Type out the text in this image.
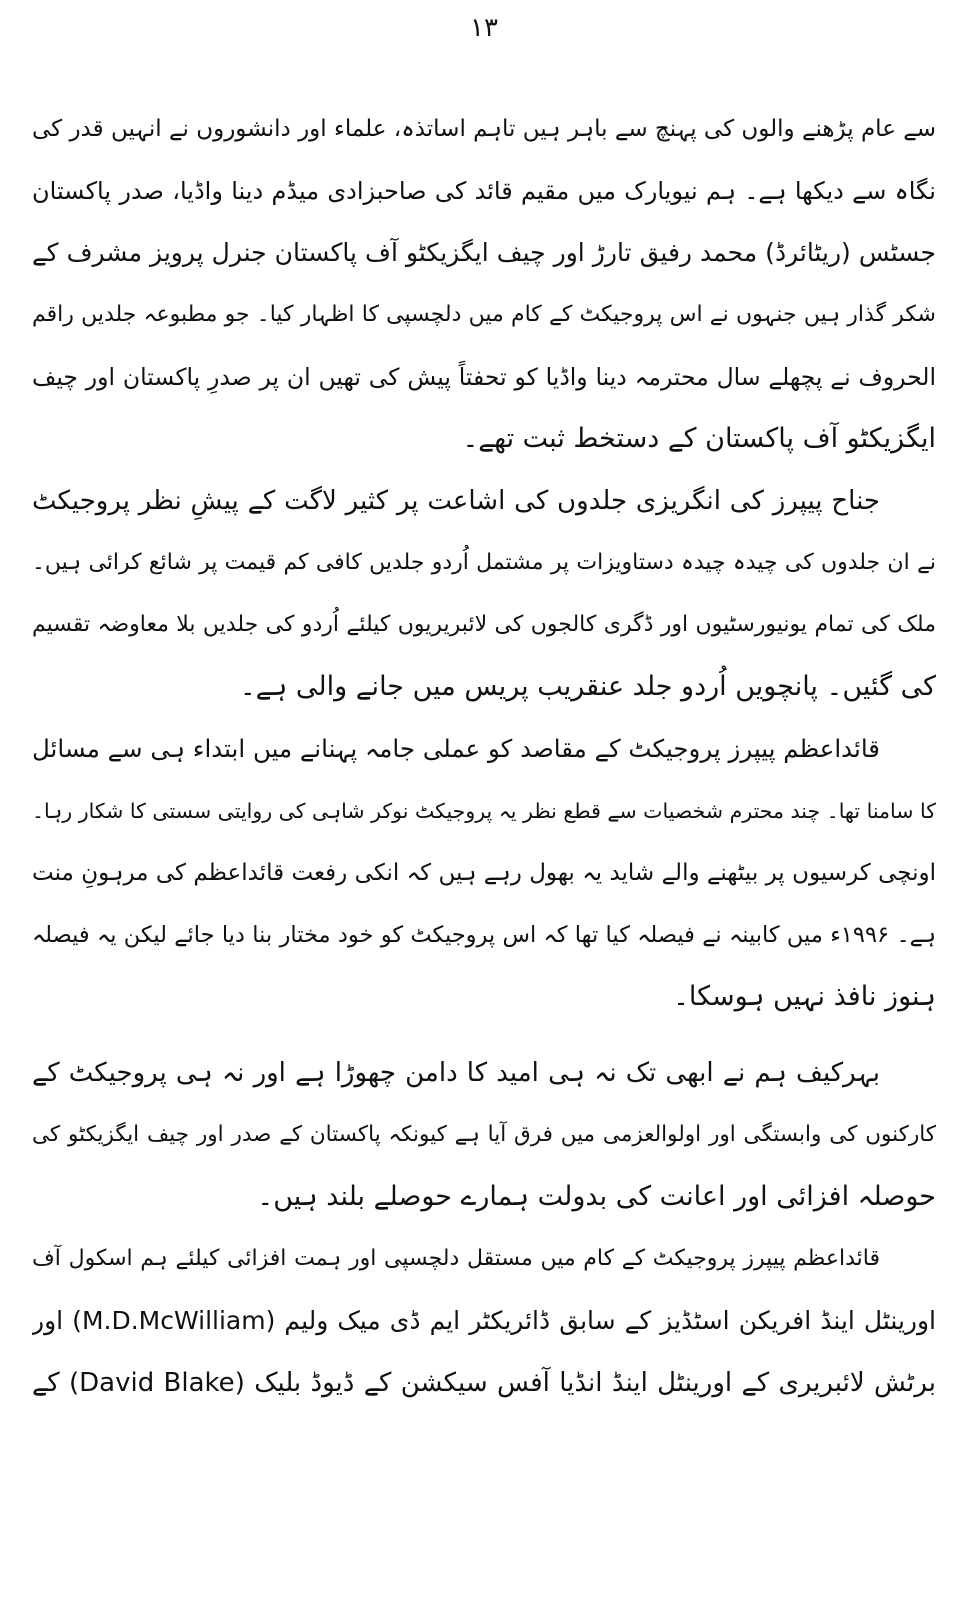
۱۳
سے عام پڑھنے والوں کی پہنچ سے باہر ہیں تاہم اساتذہ، علماء اور دانشوروں نے انہیں قدر کی
نگاہ سے دیکھا ہے۔ ہم نیویارک میں مقیم قائد کی صاحبزادی میڈم دینا واڈیا، صدر پاکستان
جسٹس (ریٹائرڈ) محمد رفیق تارڑ اور چیف ایگزیکٹو آف پاکستان جنرل پرویز مشرف کے
شکر گذار ہیں جنہوں نے اس پروجیکٹ کے کام میں دلچسپی کا اظہار کیا۔ جو مطبوعہ جلدیں راقم
الحروف نے پچھلے سال محترمہ دینا واڈیا کو تحفتاً پیش کی تھیں ان پر صدرِ پاکستان اور چیف
ایگزیکٹو آف پاکستان کے دستخط ثبت تھے۔
جناح پیپرز کی انگریزی جلدوں کی اشاعت پر کثیر لاگت کے پیشِ نظر پروجیکٹ
نے ان جلدوں کی چیدہ چیدہ دستاویزات پر مشتمل اُردو جلدیں کافی کم قیمت پر شائع کرائی ہیں۔
ملک کی تمام یونیورسٹیوں اور ڈگری کالجوں کی لائبریریوں کیلئے اُردو کی جلدیں بلا معاوضہ تقسیم
کی گئیں۔ پانچویں اُردو جلد عنقریب پریس میں جانے والی ہے۔
قائداعظم پیپرز پروجیکٹ کے مقاصد کو عملی جامہ پہنانے میں ابتداء ہی سے مسائل
کا سامنا تھا۔ چند محترم شخصیات سے قطع نظر یہ پروجیکٹ نوکر شاہی کی روایتی سستی کا شکار رہا۔
اونچی کرسیوں پر بیٹھنے والے شاید یہ بھول رہے ہیں کہ انکی رفعت قائداعظم کی مرہونِ منت
ہے۔ ۱۹۹۶ء میں کابینہ نے فیصلہ کیا تھا کہ اس پروجیکٹ کو خود مختار بنا دیا جائے لیکن یہ فیصلہ
ہنوز نافذ نہیں ہوسکا۔
بہرکیف ہم نے ابھی تک نہ ہی امید کا دامن چھوڑا ہے اور نہ ہی پروجیکٹ کے
کارکنوں کی وابستگی اور اولوالعزمی میں فرق آیا ہے کیونکہ پاکستان کے صدر اور چیف ایگزیکٹو کی
حوصلہ افزائی اور اعانت کی بدولت ہمارے حوصلے بلند ہیں۔
قائداعظم پیپرز پروجیکٹ کے کام میں مستقل دلچسپی اور ہمت افزائی کیلئے ہم اسکول آف
اورینٹل اینڈ افریکن اسٹڈیز کے سابق ڈائریکٹر ایم ڈی میک ولیم (M.D.McWilliam) اور
برٹش لائبریری کے اورینٹل اینڈ انڈیا آفس سیکشن کے ڈیوڈ بلیک (David Blake) کے
